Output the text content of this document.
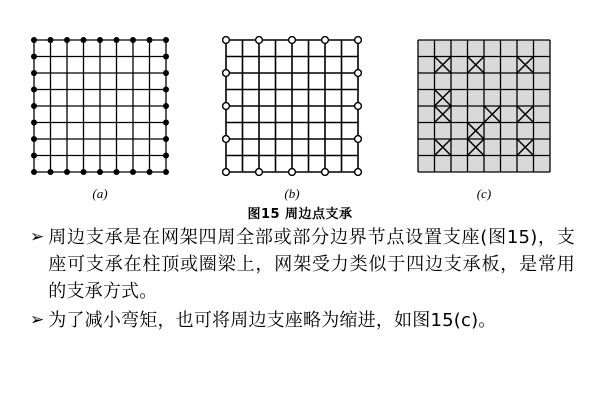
(a)	(b)	(c)
图15 周边点支承
➢ 周边支承是在网架四周全部或部分边界节点设置支座(图15)，支座可支承在柱顶或圈梁上，网架受力类似于四边支承板，是常用的支承方式。
➢ 为了减小弯矩，也可将周边支座略为缩进，如图15(c)。
